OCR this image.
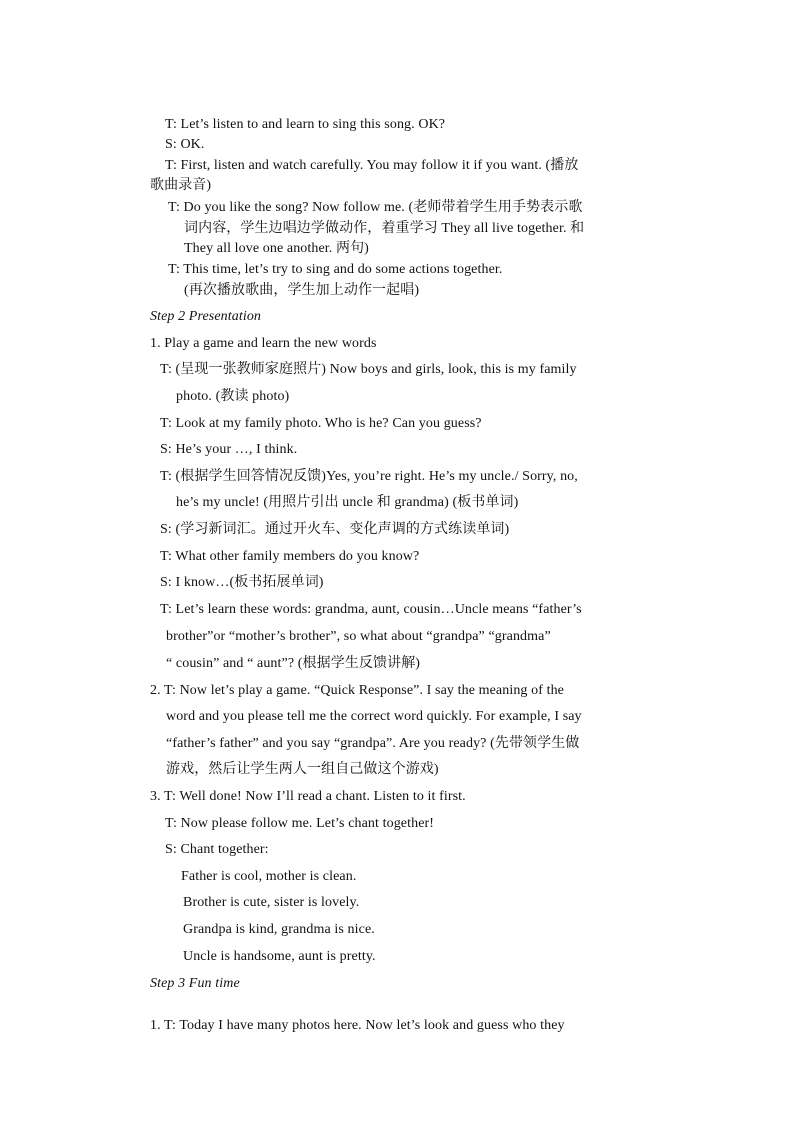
T: Let’s listen to and learn to sing this song. OK?
S: OK.
T: First, listen and watch carefully. You may follow it if you want. (播放
歌曲录音)
T: Do you like the song? Now follow me. (老师带着学生用手势表示歌
词内容，学生边唱边学做动作，着重学习 They all live together. 和
They all love one another. 两句)
T: This time, let’s try to sing and do some actions together.
(再次播放歌曲，学生加上动作一起唱)
Step 2 Presentation
1. Play a game and learn the new words
T: (呈现一张教师家庭照片) Now boys and girls, look, this is my family
photo. (教读 photo)
T: Look at my family photo. Who is he? Can you guess?
S: He’s your …, I think.
T: (根据学生回答情况反馈)Yes, you’re right. He’s my uncle./ Sorry, no,
he’s my uncle! (用照片引出 uncle 和 grandma) (板书单词)
S: (学习新词汇。通过开火车、变化声调的方式练读单词)
T: What other family members do you know?
S: I know…(板书拓展单词)
T: Let’s learn these words: grandma, aunt, cousin…Uncle means “father’s
brother”or “mother’s brother”, so what about “grandpa” “grandma”
“ cousin” and “ aunt”? (根据学生反馈讲解)
2. T: Now let’s play a game. “Quick Response”. I say the meaning of the
word and you please tell me the correct word quickly. For example, I say
“father’s father” and you say “grandpa”. Are you ready? (先带领学生做
游戏，然后让学生两人一组自己做这个游戏)
3. T: Well done! Now I’ll read a chant. Listen to it first.
T: Now please follow me. Let’s chant together!
S: Chant together:
Father is cool, mother is clean.
Brother is cute, sister is lovely.
Grandpa is kind, grandma is nice.
Uncle is handsome, aunt is pretty.
Step 3 Fun time
1. T: Today I have many photos here. Now let’s look and guess who they
